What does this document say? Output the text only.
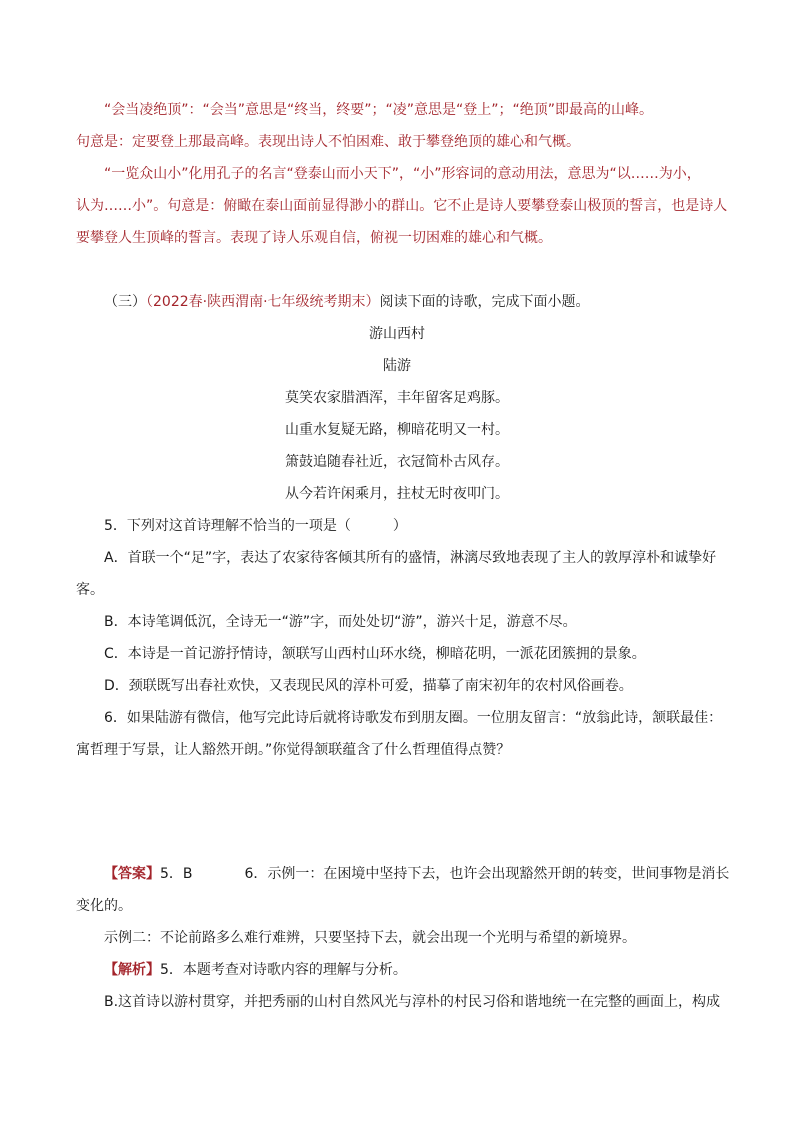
“会当凌绝顶”：“会当”意思是“终当，终要”；“凌”意思是“登上”；“绝顶”即最高的山峰。
句意是：定要登上那最高峰。表现出诗人不怕困难、敢于攀登绝顶的雄心和气概。
“一览众山小”化用孔子的名言“登泰山而小天下”，“小”形容词的意动用法，意思为“以……为小，
认为……小”。句意是：俯瞰在泰山面前显得渺小的群山。它不止是诗人要攀登泰山极顶的誓言，也是诗人
要攀登人生顶峰的誓言。表现了诗人乐观自信，俯视一切困难的雄心和气概。
（三）（2022春·陕西渭南·七年级统考期末）阅读下面的诗歌，完成下面小题。

游山西村

陆游

莫笑农家腊酒浑，丰年留客足鸡豚。

山重水复疑无路，柳暗花明又一村。

箫鼓追随春社近，衣冠简朴古风存。

从今若许闲乘月，拄杖无时夜叩门。

5．下列对这首诗理解不恰当的一项是（　　　）
A．首联一个“足”字，表达了农家待客倾其所有的盛情，淋漓尽致地表现了主人的敦厚淳朴和诚挚好
客。
B．本诗笔调低沉，全诗无一“游”字，而处处切“游”，游兴十足，游意不尽。
C．本诗是一首记游抒情诗，颔联写山西村山环水绕，柳暗花明，一派花团簇拥的景象。
D．颈联既写出春社欢快，又表现民风的淳朴可爱，描摹了南宋初年的农村风俗画卷。
6．如果陆游有微信，他写完此诗后就将诗歌发布到朋友圈。一位朋友留言：“放翁此诗，颔联最佳：
寓哲理于写景，让人豁然开朗。”你觉得颔联蕴含了什么哲理值得点赞？
【答案】5．B	6．示例一：在困境中坚持下去，也许会出现豁然开朗的转变，世间事物是消长
变化的。
示例二：不论前路多么难行难辨，只要坚持下去，就会出现一个光明与希望的新境界。
【解析】5．本题考查对诗歌内容的理解与分析。
B.这首诗以游村贯穿，并把秀丽的山村自然风光与淳朴的村民习俗和谐地统一在完整的画面上，构成
